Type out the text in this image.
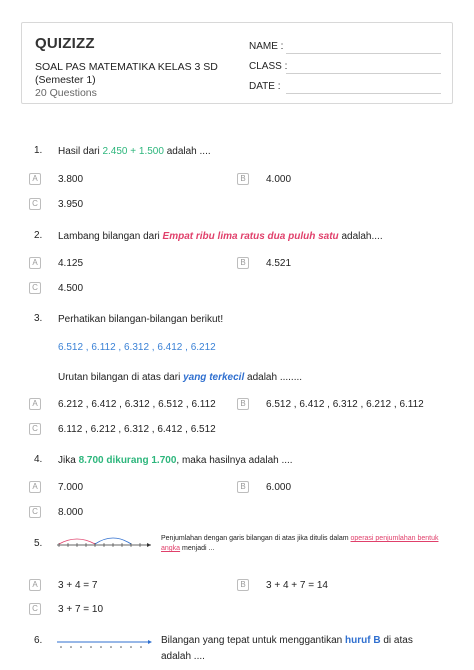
QUIZIZZ
SOAL PAS MATEMATIKA KELAS 3 SD (Semester 1)
20 Questions
NAME :
CLASS :
DATE :
1. Hasil dari 2.450 + 1.500 adalah ....
A	3.800	B	4.000
C	3.950
2. Lambang bilangan dari Empat ribu lima ratus dua puluh satu adalah....
A	4.125	B	4.521
C	4.500
3. Perhatikan bilangan-bilangan berikut!
6.512 , 6.112 , 6.312 , 6.412 , 6.212
Urutan bilangan di atas dari yang terkecil adalah ........
A	6.212 , 6.412 , 6.312 , 6.512 , 6.112	B	6.512 , 6.412 , 6.312 , 6.212 , 6.112
C	6.112 , 6.212 , 6.312 , 6.412 , 6.512
4. Jika 8.700 dikurang 1.700, maka hasilnya adalah ....
A	7.000	B	6.000
C	8.000
5.	Penjumlahan dengan garis bilangan di atas jika ditulis dalam operasi penjumlahan bentuk angka menjadi ...
A	3 + 4 = 7	B	3 + 4 + 7 = 14
C	3 + 7 = 10
6.	Bilangan yang tepat untuk menggantikan huruf B di atas
adalah ....
